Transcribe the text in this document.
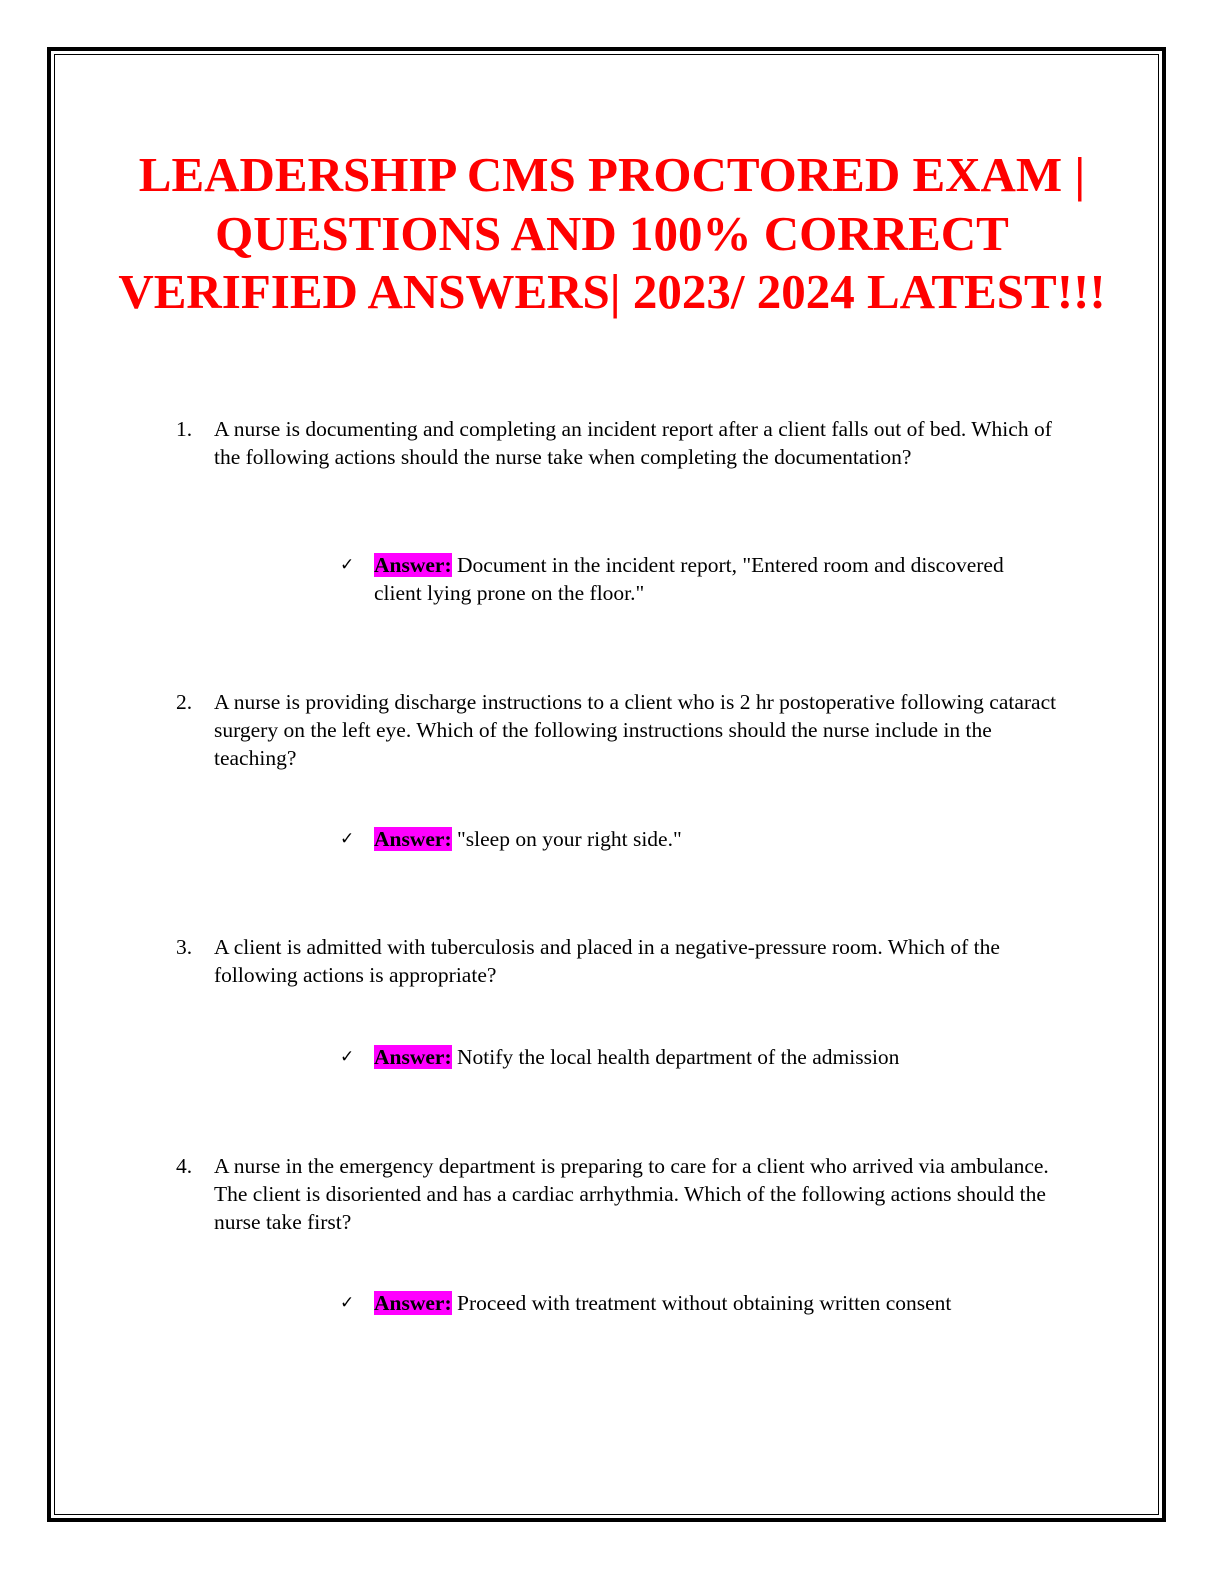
LEADERSHIP CMS PROCTORED EXAM | QUESTIONS AND 100% CORRECT VERIFIED ANSWERS| 2023/ 2024 LATEST!!!
1. A nurse is documenting and completing an incident report after a client falls out of bed. Which of the following actions should the nurse take when completing the documentation?
✓ Answer: Document in the incident report, "Entered room and discovered client lying prone on the floor."
2. A nurse is providing discharge instructions to a client who is 2 hr postoperative following cataract surgery on the left eye. Which of the following instructions should the nurse include in the teaching?
✓ Answer: "sleep on your right side."
3. A client is admitted with tuberculosis and placed in a negative-pressure room. Which of the following actions is appropriate?
✓ Answer: Notify the local health department of the admission
4. A nurse in the emergency department is preparing to care for a client who arrived via ambulance. The client is disoriented and has a cardiac arrhythmia. Which of the following actions should the nurse take first?
✓ Answer: Proceed with treatment without obtaining written consent
